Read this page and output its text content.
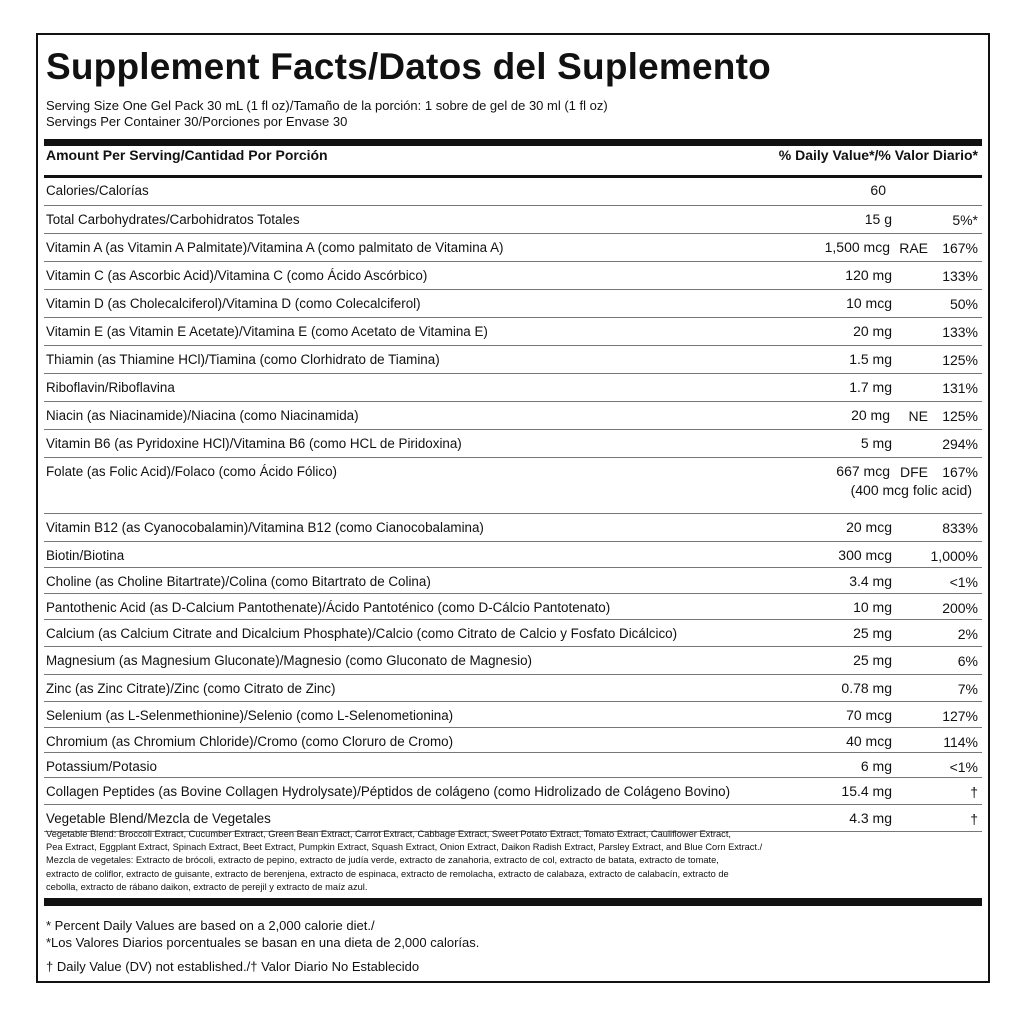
Supplement Facts/Datos del Suplemento
Serving Size One Gel Pack 30 mL (1 fl oz)/Tamaño de la porción: 1 sobre de gel de 30 ml (1 fl oz)
Servings Per Container 30/Porciones por Envase 30
Amount Per Serving/Cantidad Por Porción	% Daily Value*/% Valor Diario*
Calories/Calorías	60
Total Carbohydrates/Carbohidratos Totales	15 g	5%*
Vitamin A (as Vitamin A Palmitate)/Vitamina A (como palmitato de Vitamina A)	1,500 mcg RAE 167%
Vitamin C (as Ascorbic Acid)/Vitamina C (como Ácido Ascórbico)	120 mg	133%
Vitamin D (as Cholecalciferol)/Vitamina D (como Colecalciferol)	10 mcg	50%
Vitamin E (as Vitamin E Acetate)/Vitamina E (como Acetato de Vitamina E)	20 mg	133%
Thiamin (as Thiamine HCl)/Tiamina (como Clorhidrato de Tiamina)	1.5 mg	125%
Riboflavin/Riboflavina	1.7 mg	131%
Niacin (as Niacinamide)/Niacina (como Niacinamida)	20 mg NE 125%
Vitamin B6 (as Pyridoxine HCl)/Vitamina B6 (como HCL de Piridoxina)	5 mg	294%
Folate (as Folic Acid)/Folaco (como Ácido Fólico)	667 mcg DFE 167%
(400 mcg folic acid)
Vitamin B12 (as Cyanocobalamin)/Vitamina B12 (como Cianocobalamina)	20 mcg	833%
Biotin/Biotina	300 mcg	1,000%
Choline (as Choline Bitartrate)/Colina (como Bitartrato de Colina)	3.4 mg	<1%
Pantothenic Acid (as D-Calcium Pantothenate)/Ácido Pantoténico (como D-Cálcio Pantotenato)	10 mg	200%
Calcium (as Calcium Citrate and Dicalcium Phosphate)/Calcio (como Citrato de Calcio y Fosfato Dicálcico)	25 mg	2%
Magnesium (as Magnesium Gluconate)/Magnesio (como Gluconato de Magnesio)	25 mg	6%
Zinc (as Zinc Citrate)/Zinc (como Citrato de Zinc)	0.78 mg	7%
Selenium (as L-Selenmethionine)/Selenio (como L-Selenometionina)	70 mcg	127%
Chromium (as Chromium Chloride)/Cromo (como Cloruro de Cromo)	40 mcg	114%
Potassium/Potasio	6 mg	<1%
Collagen Peptides (as Bovine Collagen Hydrolysate)/Péptidos de colágeno (como Hidrolizado de Colágeno Bovino)	15.4 mg	†
Vegetable Blend/Mezcla de Vegetales	4.3 mg	†
Vegetable Blend: Broccoli Extract, Cucumber Extract, Green Bean Extract, Carrot Extract, Cabbage Extract, Sweet Potato Extract, Tomato Extract, Cauliflower Extract,
Pea Extract, Eggplant Extract, Spinach Extract, Beet Extract, Pumpkin Extract, Squash Extract, Onion Extract, Daikon Radish Extract, Parsley Extract, and Blue Corn Extract./
Mezcla de vegetales: Extracto de brócoli, extracto de pepino, extracto de judía verde, extracto de zanahoria, extracto de col, extracto de batata, extracto de tomate,
extracto de coliflor, extracto de guisante, extracto de berenjena, extracto de espinaca, extracto de remolacha, extracto de calabaza, extracto de calabacín, extracto de
cebolla, extracto de rábano daikon, extracto de perejil y extracto de maíz azul.
* Percent Daily Values are based on a 2,000 calorie diet./
*Los Valores Diarios porcentuales se basan en una dieta de 2,000 calorías.
† Daily Value (DV) not established./† Valor Diario No Establecido
